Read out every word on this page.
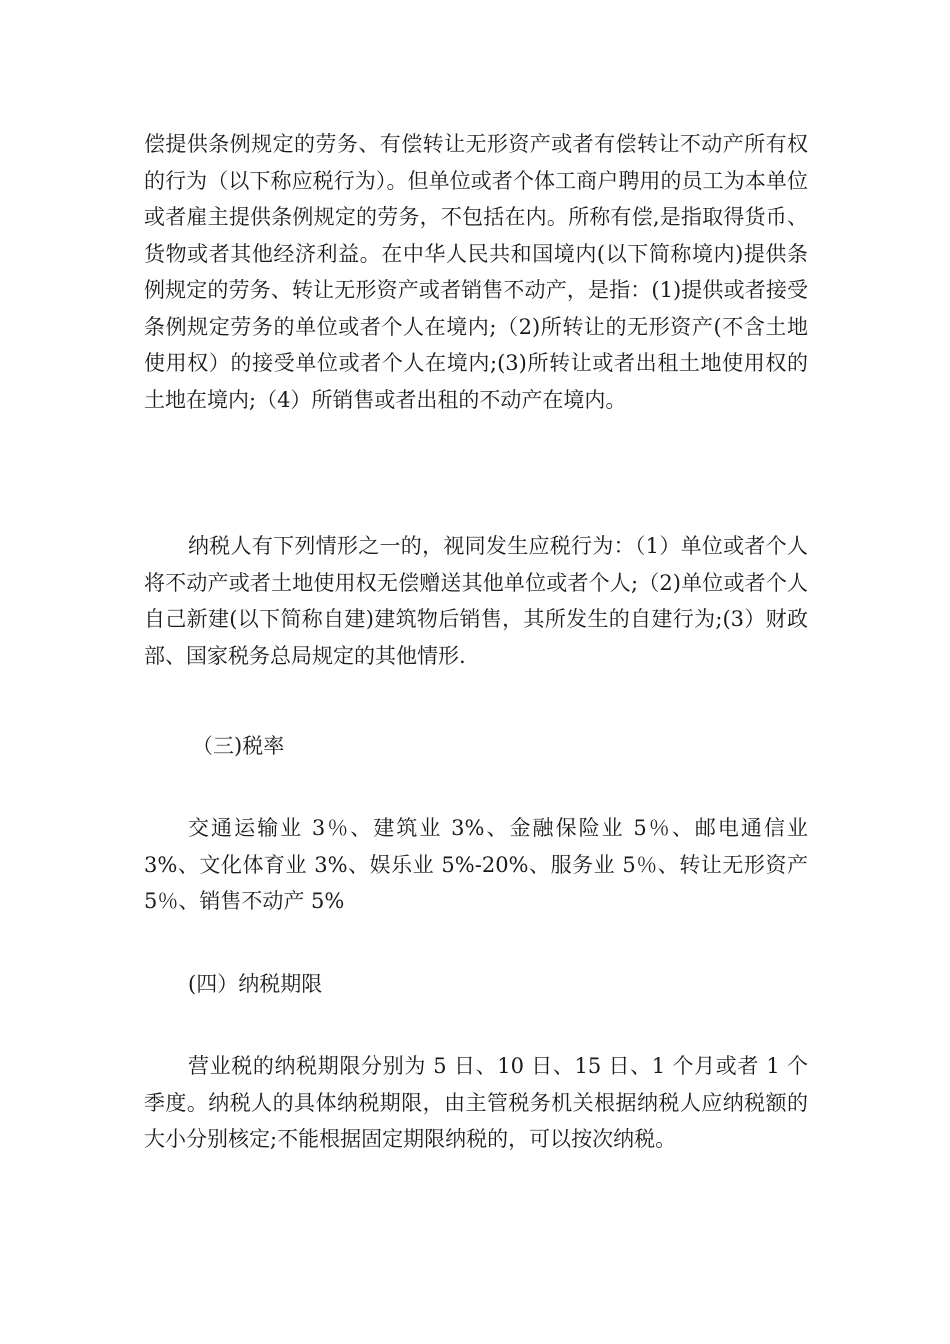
偿提供条例规定的劳务、有偿转让无形资产或者有偿转让不动产所有权的行为（以下称应税行为）。但单位或者个体工商户聘用的员工为本单位或者雇主提供条例规定的劳务，不包括在内。所称有偿,是指取得货币、货物或者其他经济利益。在中华人民共和国境内(以下简称境内)提供条例规定的劳务、转让无形资产或者销售不动产，是指：(1)提供或者接受条例规定劳务的单位或者个人在境内;（2)所转让的无形资产(不含土地使用权）的接受单位或者个人在境内;(3)所转让或者出租土地使用权的土地在境内;（4）所销售或者出租的不动产在境内。

纳税人有下列情形之一的，视同发生应税行为：（1）单位或者个人将不动产或者土地使用权无偿赠送其他单位或者个人;（2)单位或者个人自己新建(以下简称自建)建筑物后销售，其所发生的自建行为;(3）财政部、国家税务总局规定的其他情形.

（三)税率

交通运输业 3％、建筑业 3%、金融保险业 5％、邮电通信业 3%、文化体育业 3%、娱乐业 5%-20%、服务业 5％、转让无形资产 5％、销售不动产 5%

(四）纳税期限

营业税的纳税期限分别为 5 日、10 日、15 日、1 个月或者 1 个季度。纳税人的具体纳税期限，由主管税务机关根据纳税人应纳税额的大小分别核定;不能根据固定期限纳税的，可以按次纳税。
